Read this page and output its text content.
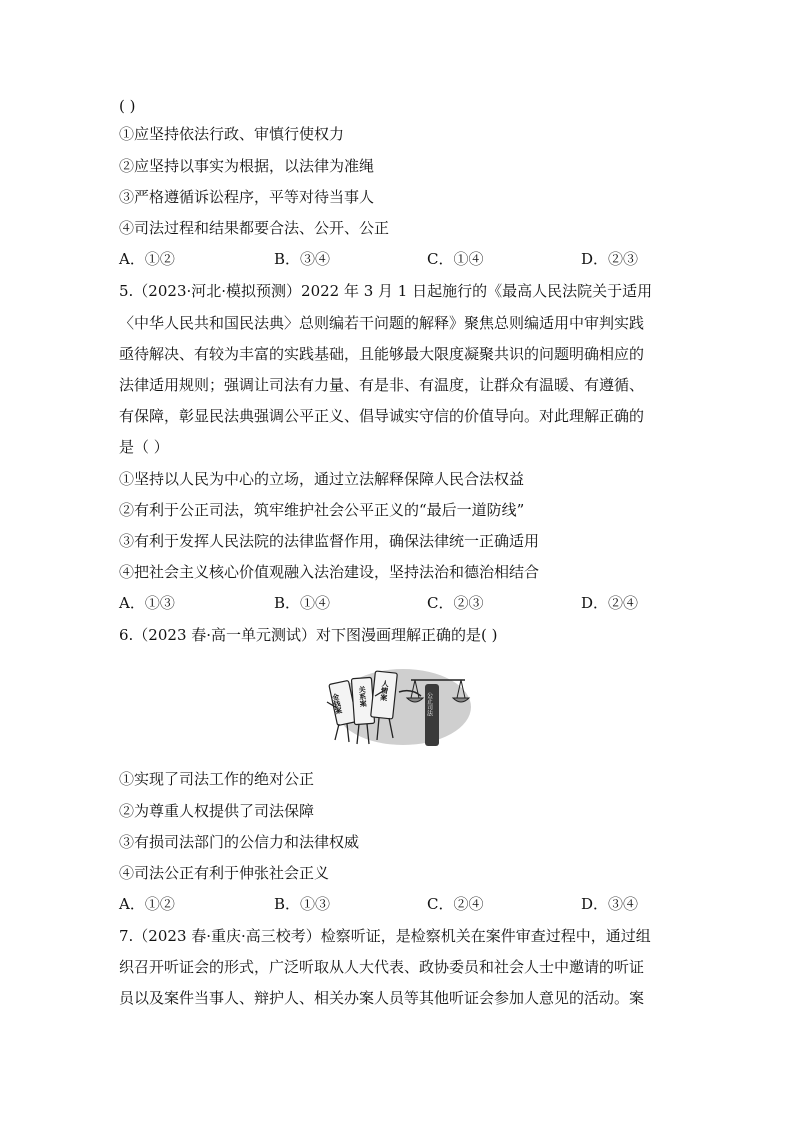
( )
①应坚持依法行政、审慎行使权力
②应坚持以事实为根据，以法律为准绳
③严格遵循诉讼程序，平等对待当事人
④司法过程和结果都要合法、公开、公正
A．①②	B．③④	C．①④	D．②③
5.（2023·河北·模拟预测）2022 年 3 月 1 日起施行的《最高人民法院关于适用
〈中华人民共和国民法典〉总则编若干问题的解释》聚焦总则编适用中审判实践
亟待解决、有较为丰富的实践基础，且能够最大限度凝聚共识的问题明确相应的
法律适用规则；强调让司法有力量、有是非、有温度，让群众有温暖、有遵循、
有保障，彰显民法典强调公平正义、倡导诚实守信的价值导向。对此理解正确的
是（ ）
①坚持以人民为中心的立场，通过立法解释保障人民合法权益
②有利于公正司法，筑牢维护社会公平正义的“最后一道防线”
③有利于发挥人民法院的法律监督作用，确保法律统一正确适用
④把社会主义核心价值观融入法治建设，坚持法治和德治相结合
A．①③	B．①④	C．②③	D．②④
6.（2023 春·高一单元测试）对下图漫画理解正确的是( )
金钱案 关系案 人情案
公正司法
①实现了司法工作的绝对公正
②为尊重人权提供了司法保障
③有损司法部门的公信力和法律权威
④司法公正有利于伸张社会正义
A．①②	B．①③	C．②④	D．③④
7.（2023 春·重庆·高三校考）检察听证，是检察机关在案件审查过程中，通过组
织召开听证会的形式，广泛听取从人大代表、政协委员和社会人士中邀请的听证
员以及案件当事人、辩护人、相关办案人员等其他听证会参加人意见的活动。案
